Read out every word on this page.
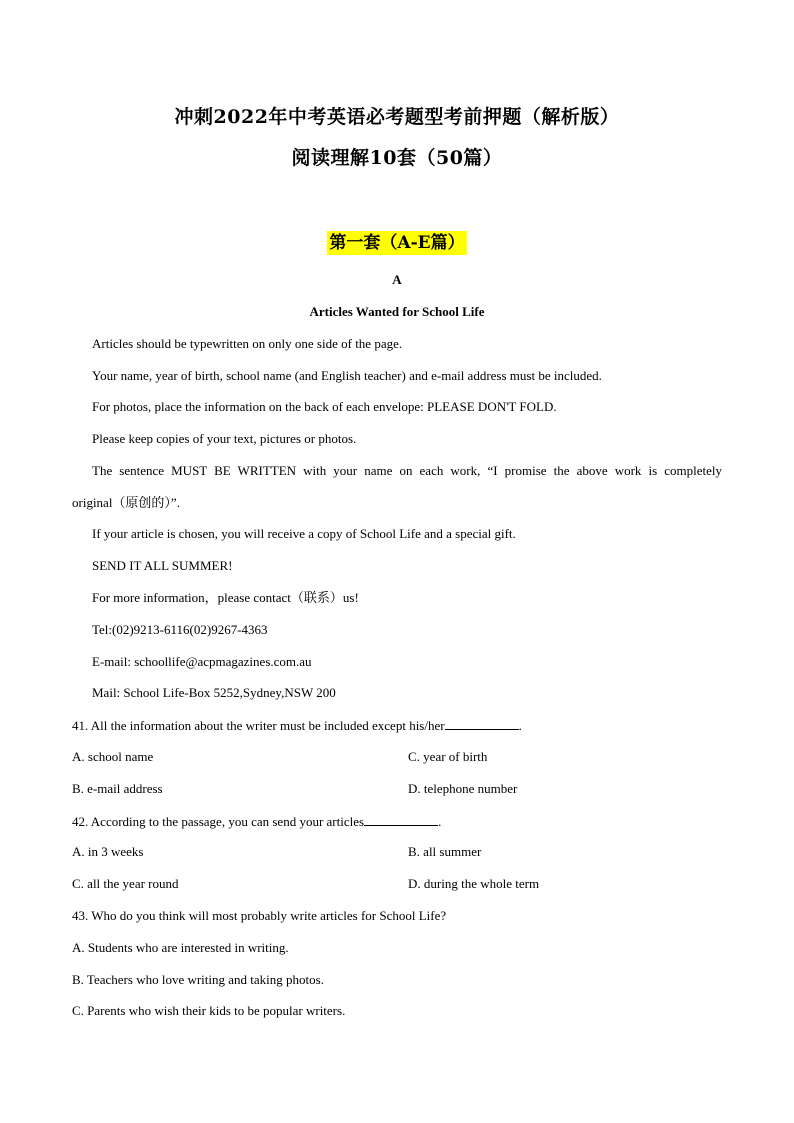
冲刺2022年中考英语必考题型考前押题（解析版）
阅读理解10套（50篇）
第一套（A-E篇）
A
Articles Wanted for School Life
Articles should be typewritten on only one side of the page.
Your name, year of birth, school name (and English teacher) and e-mail address must be included.
For photos, place the information on the back of each envelope: PLEASE DON'T FOLD.
Please keep copies of your text, pictures or photos.
The sentence MUST BE WRITTEN with your name on each work, “I promise the above work is completely
original（原创的）”.
If your article is chosen, you will receive a copy of School Life and a special gift.
SEND IT ALL SUMMER!
For more information，please contact（联系）us!
Tel:(02)9213-6116(02)9267-4363
E-mail: schoollife@acpmagazines.com.au
Mail: School Life-Box 5252,Sydney,NSW 200
41. All the information about the writer must be included except his/her	.
A. school name	C. year of birth
B. e-mail address	D. telephone number
42. According to the passage, you can send your articles	.
A. in 3 weeks	B. all summer
C. all the year round	D. during the whole term
43. Who do you think will most probably write articles for School Life?
A. Students who are interested in writing.
B. Teachers who love writing and taking photos.
C. Parents who wish their kids to be popular writers.
